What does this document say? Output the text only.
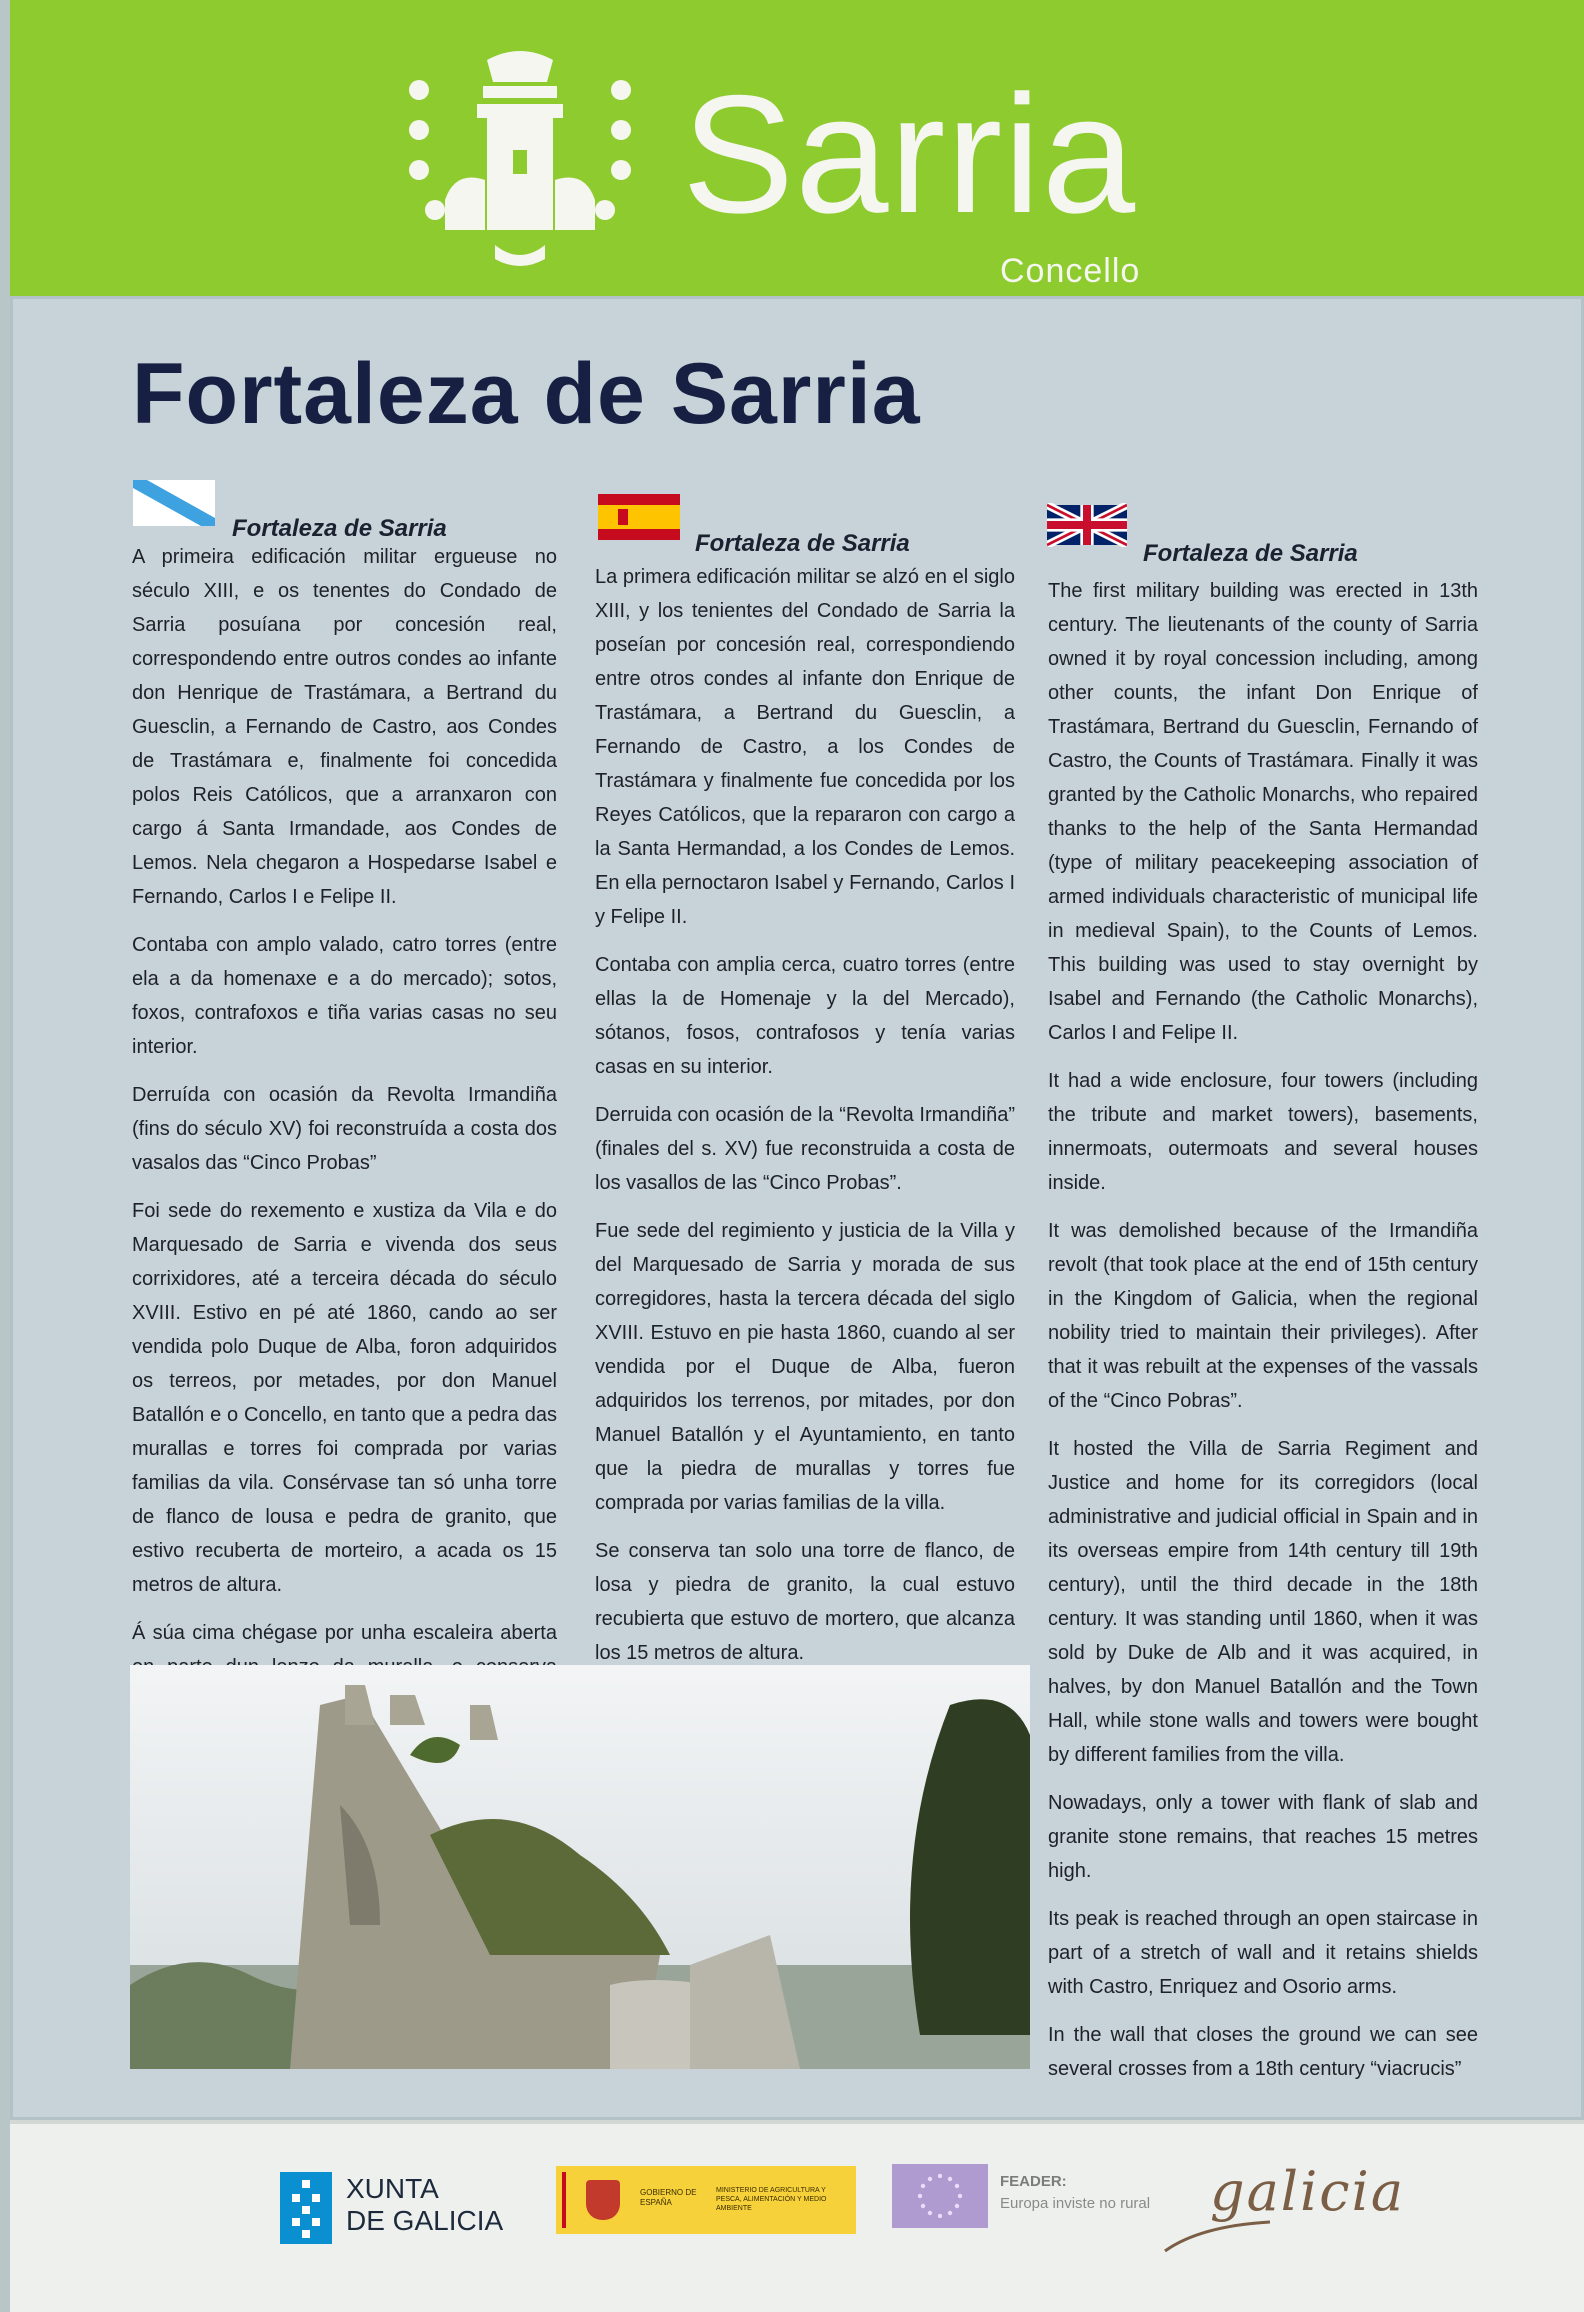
Sarria
Concello
Fortaleza de Sarria
Fortaleza de Sarria

A primeira edificación militar ergueuse no século XIII, e os tenentes do Condado de Sarria posuíana por concesión real, correspondendo entre outros condes ao infante don Henrique de Trastámara, a Bertrand du Guesclin, a Fernando de Castro, aos Condes de Trastámara e, finalmente foi concedida polos Reis Católicos, que a arranxaron con cargo á Santa Irmandade, aos Condes de Lemos. Nela chegaron a Hospedarse Isabel e Fernando, Carlos I e Felipe II.

Contaba con amplo valado, catro torres (entre ela a da homenaxe e a do mercado); sotos, foxos, contrafoxos e tiña varias casas no seu interior.

Derruída con ocasión da Revolta Irmandiña (fins do século XV) foi reconstruída a costa dos vasalos das “Cinco Probas”

Foi sede do rexemento e xustiza da Vila e do Marquesado de Sarria e vivenda dos seus corrixidores, até a terceira década do século XVIII. Estivo en pé até 1860, cando ao ser vendida polo Duque de Alba, foron adquiridos os terreos, por metades, por don Manuel Batallón e o Concello, en tanto que a pedra das murallas e torres foi comprada por varias familias da vila. Consérvase tan só unha torre de flanco de lousa e pedra de granito, que estivo recuberta de morteiro, a acada os 15 metros de altura.

Á súa cima chégase por unha escaleira aberta

Fortaleza de Sarria

La primera edificación militar se alzó en el siglo XIII, y los tenientes del Condado de Sarria la poseían por concesión real, correspondiendo entre otros condes al infante don Enrique de Trastámara, a Bertrand du Guesclin, a Fernando de Castro, a los Condes de Trastámara y finalmente fue concedida por los Reyes Católicos, que la repararon con cargo a la Santa Hermandad, a los Condes de Lemos. En ella pernoctaron Isabel y Fernando, Carlos I y Felipe II.

Contaba con amplia cerca, cuatro torres (entre ellas la de Homenaje y la del Mercado), sótanos, fosos, contrafosos y tenía varias casas en su interior.

Derruida con ocasión de la “Revolta Irmandiña” (finales del s. XV) fue reconstruida a costa de los vasallos de las “Cinco Probas”.

Fue sede del regimiento y justicia de la Villa y del Marquesado de Sarria y morada de sus corregidores, hasta la tercera década del siglo XVIII. Estuvo en pie hasta 1860, cuando al ser vendida por el Duque de Alba, fueron adquiridos los terrenos, por mitades, por don Manuel Batallón y el Ayuntamiento, en tanto que la piedra de murallas y torres fue comprada por varias familias de la villa.

Se conserva tan solo una torre de flanco, de losa y piedra de granito, la cual estuvo recubierta que estuvo de mortero, que alcanza los 15 metros de altura.

Fortaleza de Sarria

The first military building was erected in 13th century. The lieutenants of the county of Sarria owned it by royal concession including, among other counts, the infant Don Enrique of Trastámara, Bertrand du Guesclin, Fernando of Castro, the Counts of Trastámara. Finally it was granted by the Catholic Monarchs, who repaired thanks to the help of the Santa Hermandad (type of military peacekeeping association of armed individuals characteristic of municipal life in medieval Spain), to the Counts of Lemos. This building was used to stay overnight by Isabel and Fernando (the Catholic Monarchs), Carlos I and Felipe II.

It had a wide enclosure, four towers (including the tribute and market towers), basements, innermoats, outermoats and several houses inside.

It was demolished because of the Irmandiña revolt (that took place at the end of 15th century in the Kingdom of Galicia, when the regional nobility tried to maintain their privileges). After that it was rebuilt at the expenses of the vassals of the “Cinco Pobras”.

It hosted the Villa de Sarria Regiment and Justice and home for its corregidors (local administrative and judicial official in Spain and in its overseas empire from 14th century till 19th century), until the third decade in the 18th century. It was standing until 1860, when it was sold by Duke de Alb and it was acquired, in halves, by don Manuel Batallón and the Town Hall, while stone walls and towers were bought by different families from the villa.

Nowadays, only a tower with flank of slab and granite stone remains, that reaches 15 metres high.

Its peak is reached through an open staircase in part of a stretch of wall and it retains shields with Castro, Enriquez and Osorio arms.

In the wall that closes the ground we can see several crosses from a 18th century “viacrucis”

XUNTA
DE GALICIA
GOBIERNO DE ESPAÑA
MINISTERIO DE AGRICULTURA Y PESCA, ALIMENTACIÓN Y MEDIO AMBIENTE
FEADER:
Europa inviste no rural galicia
